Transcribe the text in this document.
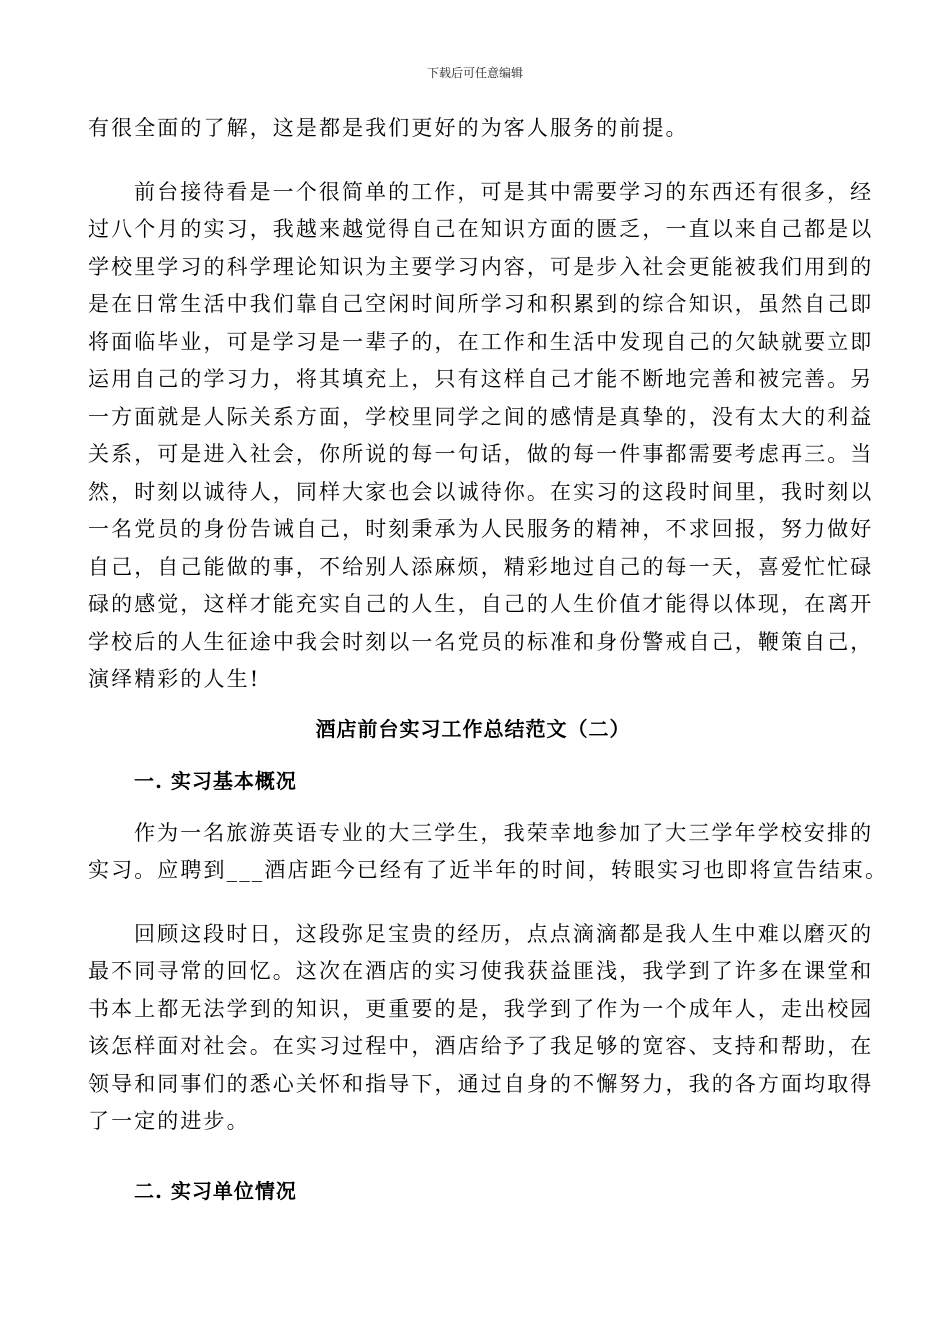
下载后可任意编辑
有很全面的了解，这是都是我们更好的为客人服务的前提。
前台接待看是一个很简单的工作，可是其中需要学习的东西还有很多，经
过八个月的实习，我越来越觉得自己在知识方面的匮乏，一直以来自己都是以
学校里学习的科学理论知识为主要学习内容，可是步入社会更能被我们用到的
是在日常生活中我们靠自己空闲时间所学习和积累到的综合知识，虽然自己即
将面临毕业，可是学习是一辈子的，在工作和生活中发现自己的欠缺就要立即
运用自己的学习力，将其填充上，只有这样自己才能不断地完善和被完善。另
一方面就是人际关系方面，学校里同学之间的感情是真挚的，没有太大的利益
关系，可是进入社会，你所说的每一句话，做的每一件事都需要考虑再三。当
然，时刻以诚待人，同样大家也会以诚待你。在实习的这段时间里，我时刻以
一名党员的身份告诫自己，时刻秉承为人民服务的精神，不求回报，努力做好
自己，自己能做的事，不给别人添麻烦，精彩地过自己的每一天，喜爱忙忙碌
碌的感觉，这样才能充实自己的人生，自己的人生价值才能得以体现，在离开
学校后的人生征途中我会时刻以一名党员的标准和身份警戒自己，鞭策自己，
演绎精彩的人生!
酒店前台实习工作总结范文（二）
一. 实习基本概况
作为一名旅游英语专业的大三学生，我荣幸地参加了大三学年学校安排的
实习。应聘到___酒店距今已经有了近半年的时间，转眼实习也即将宣告结束。
回顾这段时日，这段弥足宝贵的经历，点点滴滴都是我人生中难以磨灭的
最不同寻常的回忆。这次在酒店的实习使我获益匪浅，我学到了许多在课堂和
书本上都无法学到的知识，更重要的是，我学到了作为一个成年人，走出校园
该怎样面对社会。在实习过程中，酒店给予了我足够的宽容、支持和帮助，在
领导和同事们的悉心关怀和指导下，通过自身的不懈努力，我的各方面均取得
了一定的进步。
二. 实习单位情况
